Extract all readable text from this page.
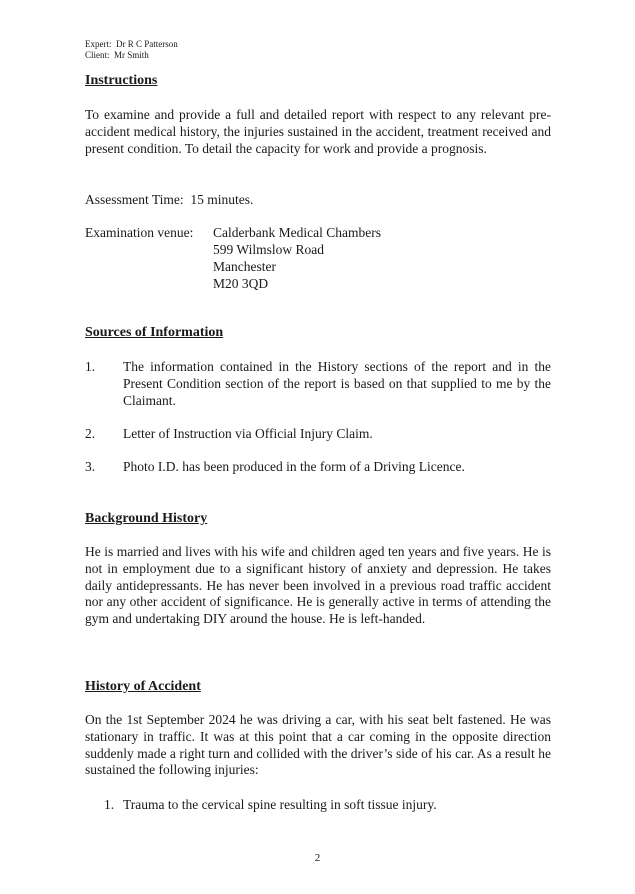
Expert: Dr R C Patterson
Client: Mr Smith
Instructions
To examine and provide a full and detailed report with respect to any relevant pre-accident medical history, the injuries sustained in the accident, treatment received and present condition. To detail the capacity for work and provide a prognosis.
Assessment Time: 15 minutes.
Examination venue: Calderbank Medical Chambers
599 Wilmslow Road
Manchester
M20 3QD
Sources of Information
1. The information contained in the History sections of the report and in the Present Condition section of the report is based on that supplied to me by the Claimant.
2. Letter of Instruction via Official Injury Claim.
3. Photo I.D. has been produced in the form of a Driving Licence.
Background History
He is married and lives with his wife and children aged ten years and five years. He is not in employment due to a significant history of anxiety and depression. He takes daily antidepressants. He has never been involved in a previous road traffic accident nor any other accident of significance. He is generally active in terms of attending the gym and undertaking DIY around the house. He is left-handed.
History of Accident
On the 1st September 2024 he was driving a car, with his seat belt fastened. He was stationary in traffic. It was at this point that a car coming in the opposite direction suddenly made a right turn and collided with the driver’s side of his car. As a result he sustained the following injuries:
1. Trauma to the cervical spine resulting in soft tissue injury.
2
